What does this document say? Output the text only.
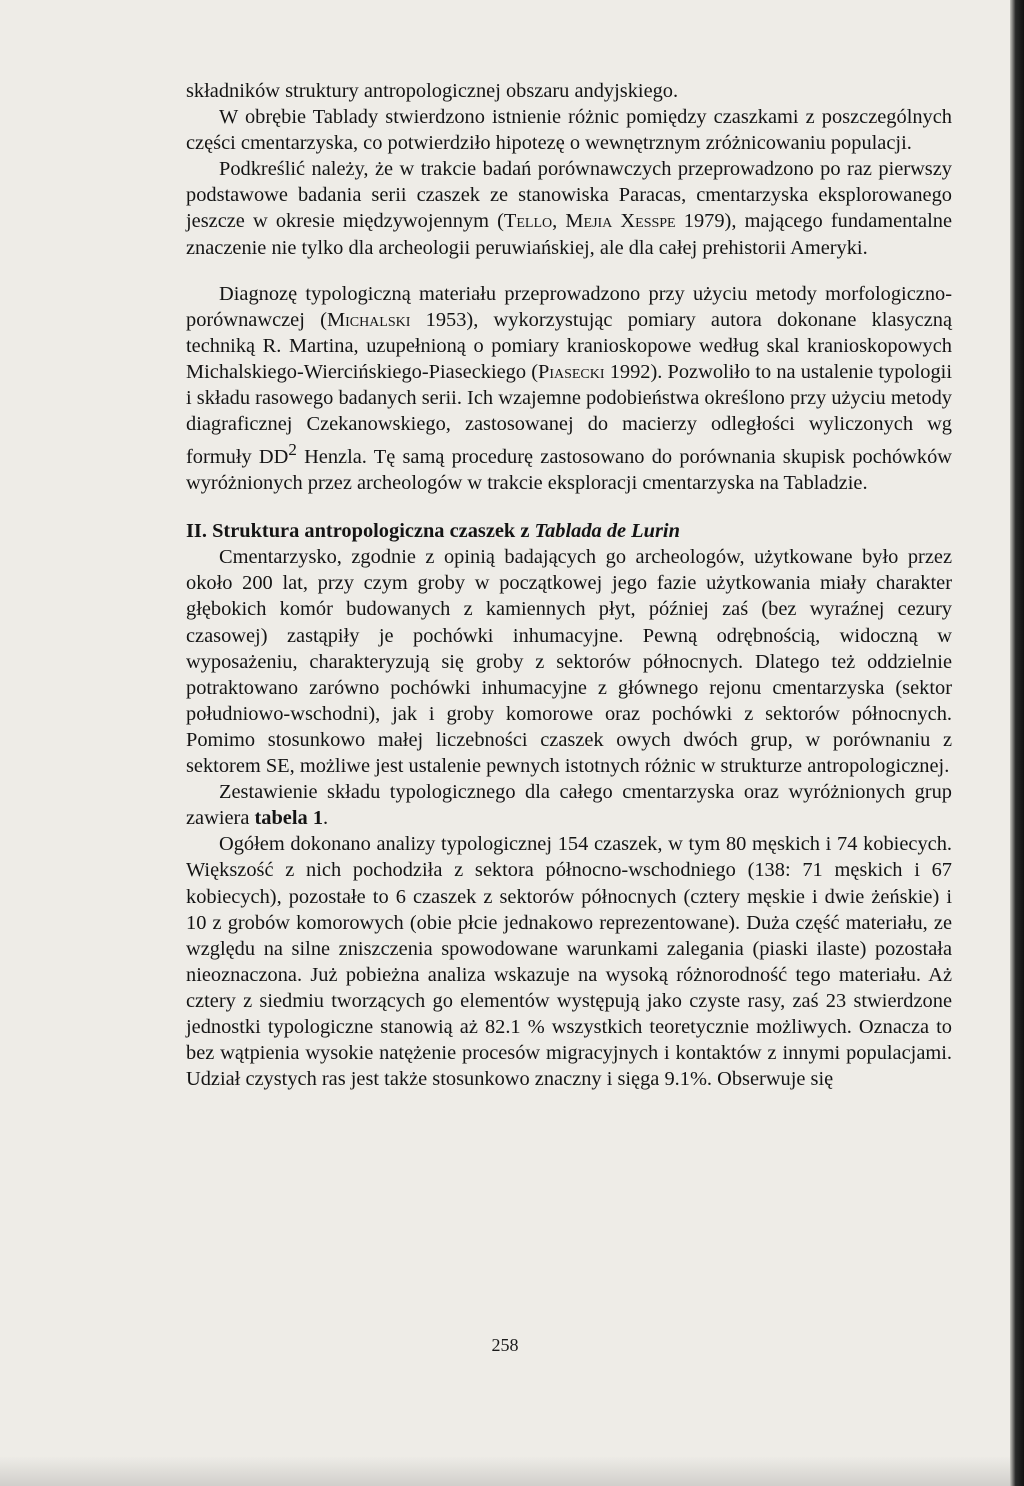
składników struktury antropologicznej obszaru andyjskiego.

W obrębie Tablady stwierdzono istnienie różnic pomiędzy czaszkami z poszczególnych części cmentarzyska, co potwierdziło hipotezę o wewnętrznym zróżnicowaniu populacji.

Podkreślić należy, że w trakcie badań porównawczych przeprowadzono po raz pierwszy podstawowe badania serii czaszek ze stanowiska Paracas, cmentarzyska eksplorowanego jeszcze w okresie międzywojennym (Tello, Mejia Xesspe 1979), mającego fundamentalne znaczenie nie tylko dla archeologii peruwiańskiej, ale dla całej prehistorii Ameryki.

Diagnozę typologiczną materiału przeprowadzono przy użyciu metody morfologiczno-porównawczej (Michalski 1953), wykorzystując pomiary autora dokonane klasyczną techniką R. Martina, uzupełnioną o pomiary kranioskopowe według skal kranioskopowych Michalskiego-Wiercińskiego-Piaseckiego (Piasecki 1992). Pozwoliło to na ustalenie typologii i składu rasowego badanych serii. Ich wzajemne podobieństwa określono przy użyciu metody diagraficznej Czekanowskiego, zastosowanej do macierzy odległości wyliczonych wg formuły $DD^2$ Henzla. Tę samą procedurę zastosowano do porównania skupisk pochówków wyróżnionych przez archeologów w trakcie eksploracji cmentarzyska na Tabladzie.

II. Struktura antropologiczna czaszek z Tablada de Lurin

Cmentarzysko, zgodnie z opinią badających go archeologów, użytkowane było przez około 200 lat, przy czym groby w początkowej jego fazie użytkowania miały charakter głębokich komór budowanych z kamiennych płyt, później zaś (bez wyraźnej cezury czasowej) zastąpiły je pochówki inhumacyjne. Pewną odrębnością, widoczną w wyposażeniu, charakteryzują się groby z sektorów północnych. Dlatego też oddzielnie potraktowano zarówno pochówki inhumacyjne z głównego rejonu cmentarzyska (sektor południowo-wschodni), jak i groby komorowe oraz pochówki z sektorów północnych. Pomimo stosunkowo małej liczebności czaszek owych dwóch grup, w porównaniu z sektorem SE, możliwe jest ustalenie pewnych istotnych różnic w strukturze antropologicznej.

Zestawienie składu typologicznego dla całego cmentarzyska oraz wyróżnionych grup zawiera tabela 1.

Ogółem dokonano analizy typologicznej 154 czaszek, w tym 80 męskich i 74 kobiecych. Większość z nich pochodziła z sektora północno-wschodniego (138: 71 męskich i 67 kobiecych), pozostałe to 6 czaszek z sektorów północnych (cztery męskie i dwie żeńskie) i 10 z grobów komorowych (obie płcie jednakowo reprezentowane). Duża część materiału, ze względu na silne zniszczenia spowodowane warunkami zalegania (piaski ilaste) pozostała nieoznaczona. Już pobieżna analiza wskazuje na wysoką różnorodność tego materiału. Aż cztery z siedmiu tworzących go elementów występują jako czyste rasy, zaś 23 stwierdzone jednostki typologiczne stanowią aż 82.1 % wszystkich teoretycznie możliwych. Oznacza to bez wątpienia wysokie natężenie procesów migracyjnych i kontaktów z innymi populacjami. Udział czystych ras jest także stosunkowo znaczny i sięga 9.1%. Obserwuje się

258
